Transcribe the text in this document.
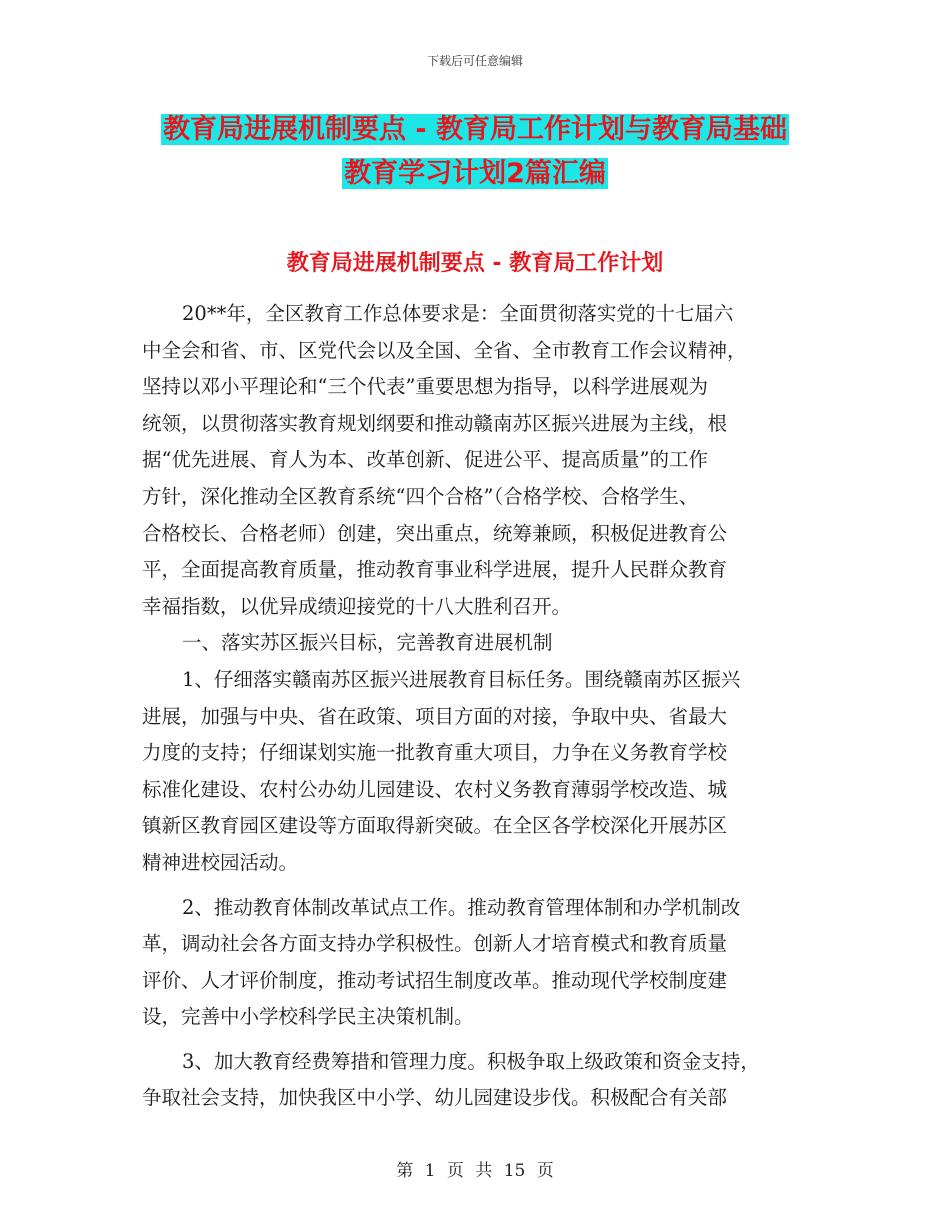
下载后可任意编辑
教育局进展机制要点 - 教育局工作计划与教育局基础
教育学习计划2篇汇编
教育局进展机制要点 - 教育局工作计划
20**年，全区教育工作总体要求是：全面贯彻落实党的十七届六
中全会和省、市、区党代会以及全国、全省、全市教育工作会议精神，
坚持以邓小平理论和“三个代表”重要思想为指导，以科学进展观为
统领，以贯彻落实教育规划纲要和推动赣南苏区振兴进展为主线，根
据“优先进展、育人为本、改革创新、促进公平、提高质量”的工作
方针，深化推动全区教育系统“四个合格”（合格学校、合格学生、
合格校长、合格老师）创建，突出重点，统筹兼顾，积极促进教育公
平，全面提高教育质量，推动教育事业科学进展，提升人民群众教育
幸福指数，以优异成绩迎接党的十八大胜利召开。
一、落实苏区振兴目标，完善教育进展机制
1、仔细落实赣南苏区振兴进展教育目标任务。围绕赣南苏区振兴
进展，加强与中央、省在政策、项目方面的对接，争取中央、省最大
力度的支持；仔细谋划实施一批教育重大项目，力争在义务教育学校
标准化建设、农村公办幼儿园建设、农村义务教育薄弱学校改造、城
镇新区教育园区建设等方面取得新突破。在全区各学校深化开展苏区
精神进校园活动。
2、推动教育体制改革试点工作。推动教育管理体制和办学机制改
革，调动社会各方面支持办学积极性。创新人才培育模式和教育质量
评价、人才评价制度，推动考试招生制度改革。推动现代学校制度建
设，完善中小学校科学民主决策机制。
3、加大教育经费筹措和管理力度。积极争取上级政策和资金支持，
争取社会支持，加快我区中小学、幼儿园建设步伐。积极配合有关部
第 1 页 共 15 页
